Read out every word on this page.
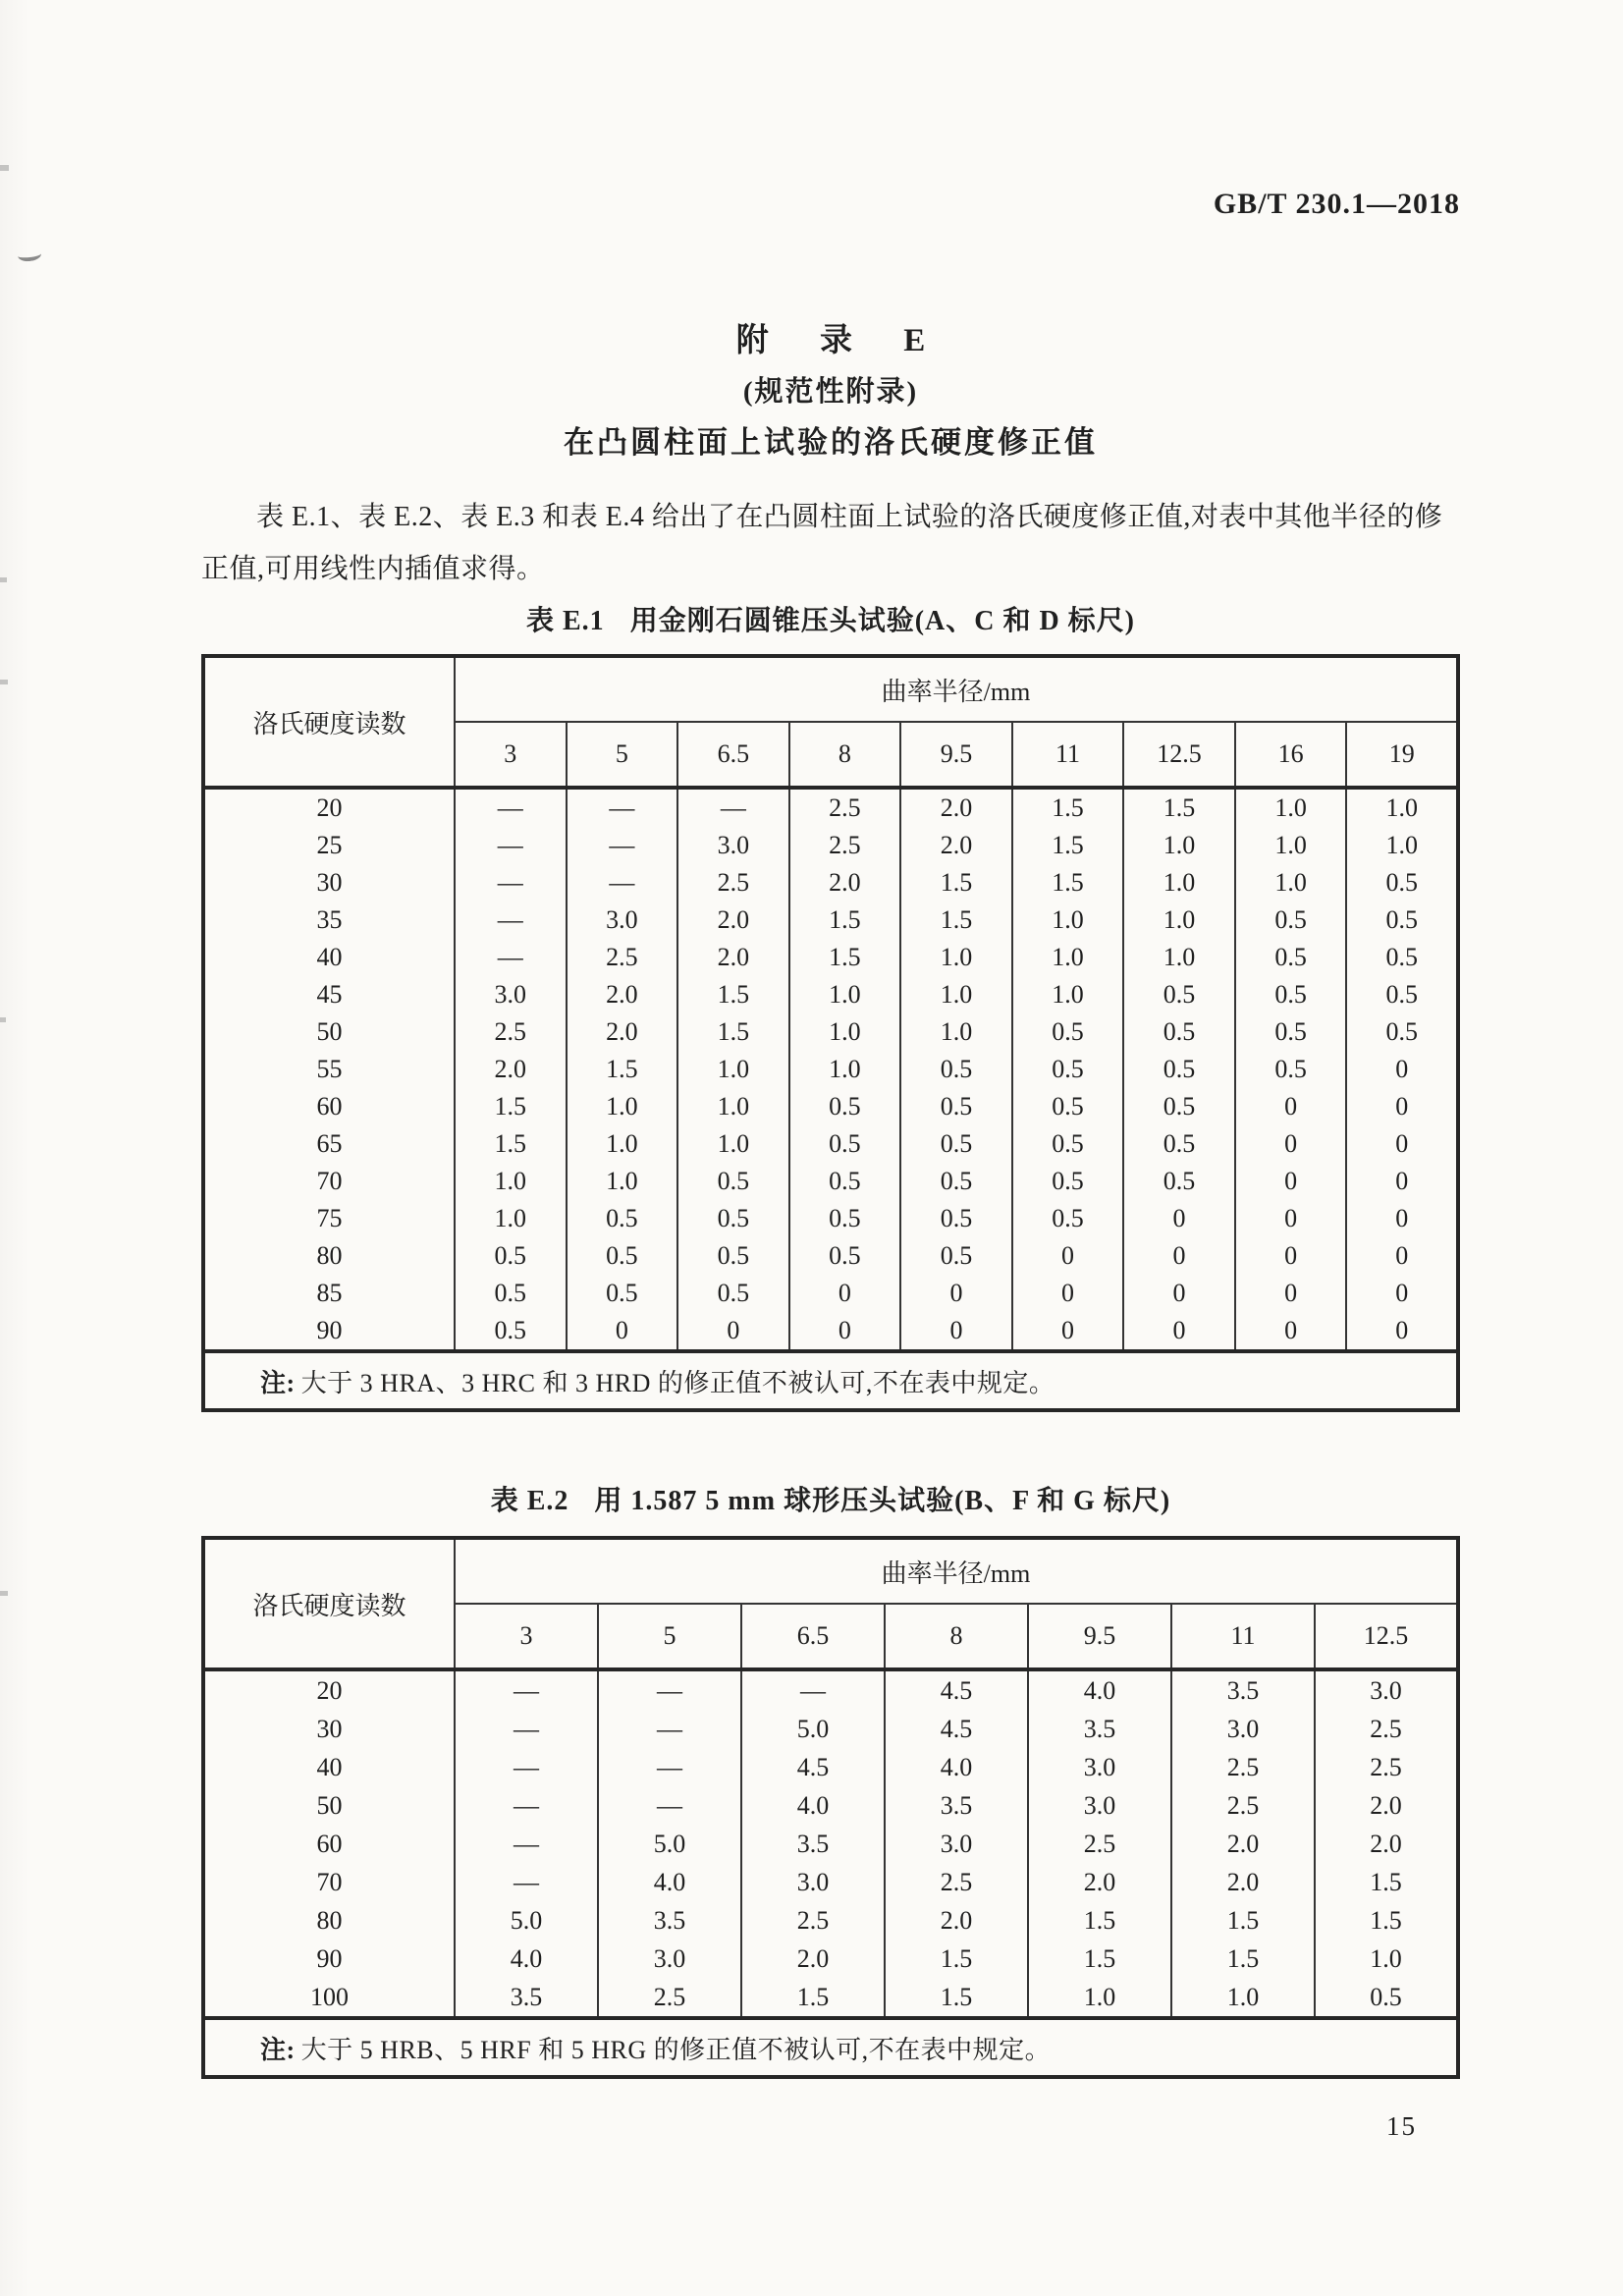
GB/T 230.1—2018
附 录 E
(规范性附录)
在凸圆柱面上试验的洛氏硬度修正值
表 E.1、表 E.2、表 E.3 和表 E.4 给出了在凸圆柱面上试验的洛氏硬度修正值,对表中其他半径的修
正值,可用线性内插值求得。
表 E.1 用金刚石圆锥压头试验(A、C 和 D 标尺)
洛氏硬度读数	曲率半径/mm								
	3	5	6.5	8	9.5	11	12.5	16	19
20	—	—	—	2.5	2.0	1.5	1.5	1.0	1.0
25	—	—	3.0	2.5	2.0	1.5	1.0	1.0	1.0
30	—	—	2.5	2.0	1.5	1.5	1.0	1.0	0.5
35	—	3.0	2.0	1.5	1.5	1.0	1.0	0.5	0.5
40	—	2.5	2.0	1.5	1.0	1.0	1.0	0.5	0.5
45	3.0	2.0	1.5	1.0	1.0	1.0	0.5	0.5	0.5
50	2.5	2.0	1.5	1.0	1.0	0.5	0.5	0.5	0.5
55	2.0	1.5	1.0	1.0	0.5	0.5	0.5	0.5	0
60	1.5	1.0	1.0	0.5	0.5	0.5	0.5	0	0
65	1.5	1.0	1.0	0.5	0.5	0.5	0.5	0	0
70	1.0	1.0	0.5	0.5	0.5	0.5	0.5	0	0
75	1.0	0.5	0.5	0.5	0.5	0.5	0	0	0
80	0.5	0.5	0.5	0.5	0.5	0	0	0	0
85	0.5	0.5	0.5	0	0	0	0	0	0
90	0.5	0	0	0	0	0	0	0	0
注: 大于 3 HRA、3 HRC 和 3 HRD 的修正值不被认可,不在表中规定。									
表 E.2 用 1.587 5 mm 球形压头试验(B、F 和 G 标尺)
洛氏硬度读数	曲率半径/mm						
	3	5	6.5	8	9.5	11	12.5
20	—	—	—	4.5	4.0	3.5	3.0
30	—	—	5.0	4.5	3.5	3.0	2.5
40	—	—	4.5	4.0	3.0	2.5	2.5
50	—	—	4.0	3.5	3.0	2.5	2.0
60	—	5.0	3.5	3.0	2.5	2.0	2.0
70	—	4.0	3.0	2.5	2.0	2.0	1.5
80	5.0	3.5	2.5	2.0	1.5	1.5	1.5
90	4.0	3.0	2.0	1.5	1.5	1.5	1.0
100	3.5	2.5	1.5	1.5	1.0	1.0	0.5
注: 大于 5 HRB、5 HRF 和 5 HRG 的修正值不被认可,不在表中规定。							
15
